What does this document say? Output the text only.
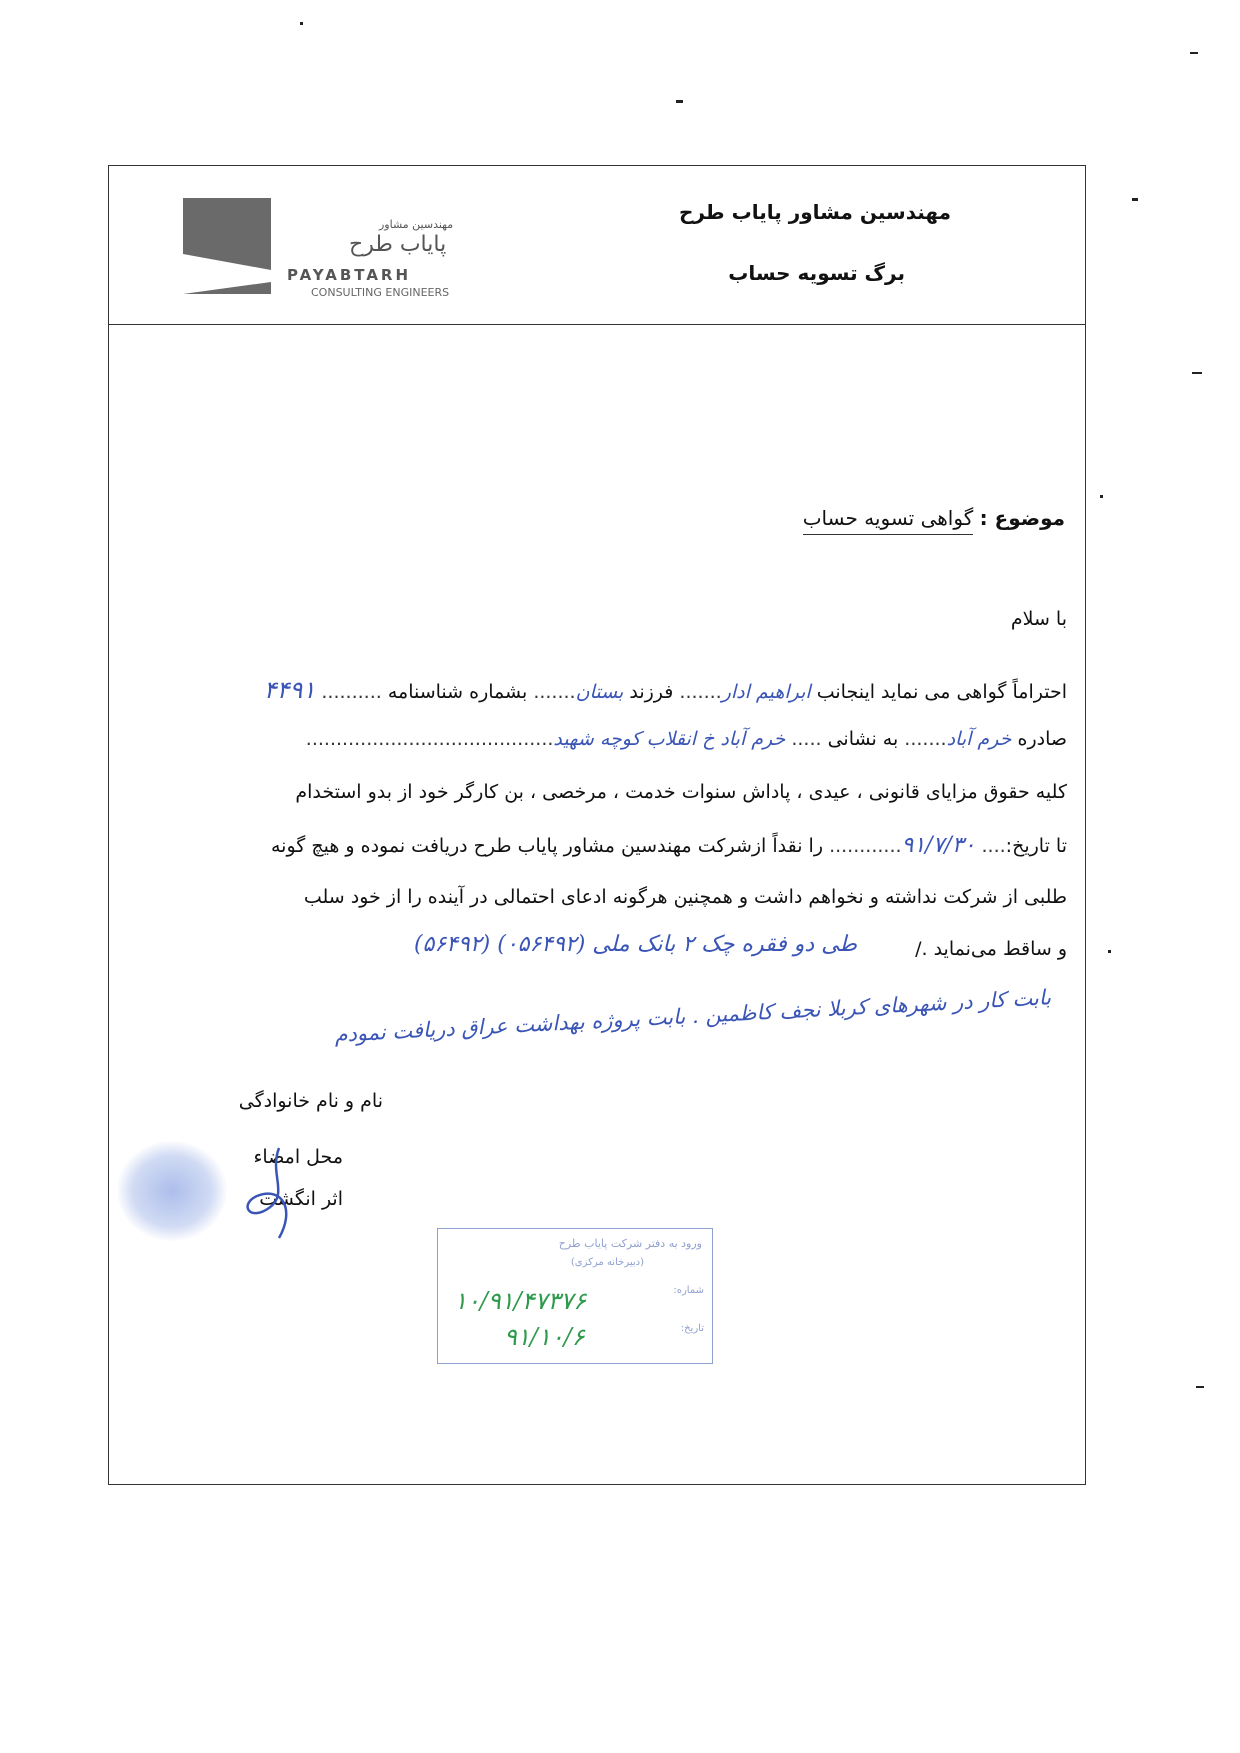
مهندسین مشاور
پایاب طرح
PAYABTARH
CONSULTING ENGINEERS
مهندسین مشاور پایاب طرح
برگ تسویه حساب
موضوع : گواهی تسویه حساب
با سلام
احتراماً گواهی می نماید اینجانب ابراهیم ادار....... فرزند بستان....... بشماره شناسنامه .......... ۴۴۹۱
صادره خرم آباد....... به نشانی ..... خرم آباد خ انقلاب کوچه شهید.........................................
کلیه حقوق مزایای قانونی ، عیدی ، پاداش سنوات خدمت ، مرخصی ، بن کارگر خود از بدو استخدام
تا تاریخ:.... ۹۱/۷/۳۰............ را نقداً ازشرکت مهندسین مشاور پایاب طرح دریافت نموده و هیچ گونه
طلبی از شرکت نداشته و نخواهم داشت و همچنین هرگونه ادعای احتمالی در آینده را از خود سلب
و ساقط می‌نماید ./
طی دو فقره چک ۲ بانک ملی (۰۵۶۴۹۲) (۵۶۴۹۲)
بابت کار در شهرهای کربلا نجف کاظمین . بابت پروژه بهداشت عراق دریافت نمودم
نام و نام خانوادگی
محل امضاء
اثر انگشت
ورود به دفتر شرکت پایاب طرح
(دبیرخانه مرکزی)
شماره:
تاریخ:
۱۰/۹۱/۴۷۳۷۶
۹۱/۱۰/۶
